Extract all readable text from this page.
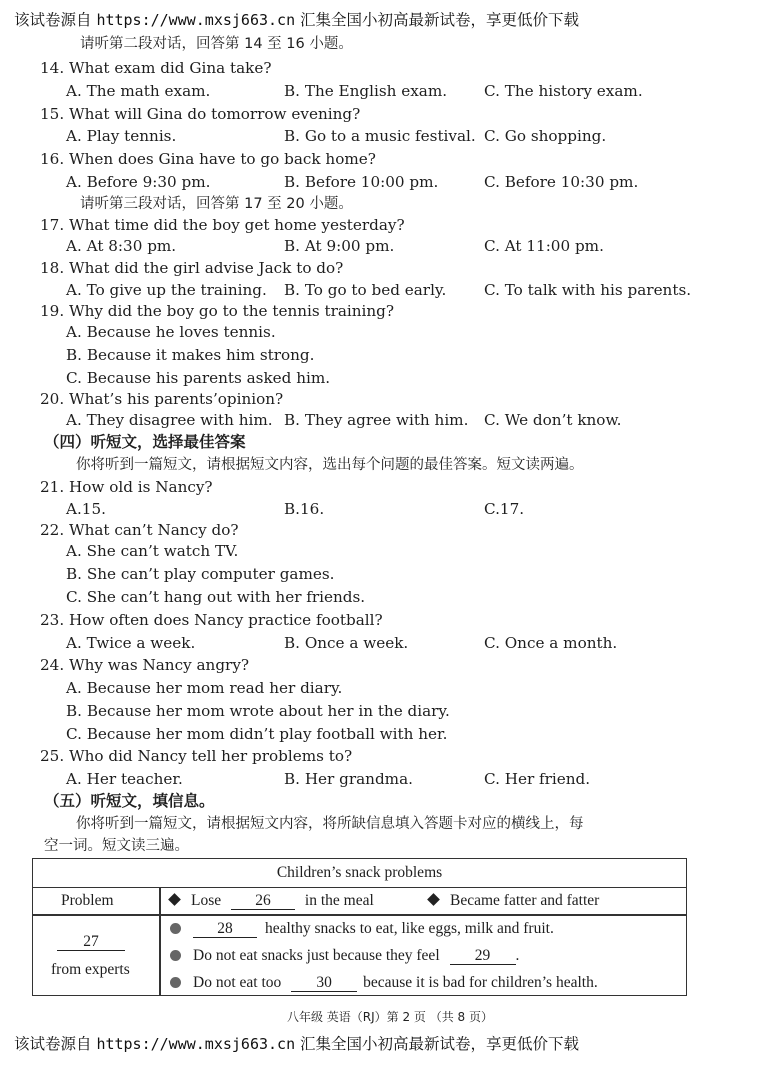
该试卷源自 https://www.mxsj663.cn 汇集全国小初高最新试卷，享更低价下载
请听第二段对话，回答第 14 至 16 小题。
14. What exam did Gina take?
A. The math exam.	B. The English exam. C. The history exam.
15. What will Gina do tomorrow evening?
A. Play tennis.	B. Go to a music festival. C. Go shopping.
16. When does Gina have to go back home?
A. Before 9:30 pm.	B. Before 10:00 pm.	C. Before 10:30 pm.
请听第三段对话，回答第 17 至 20 小题。
17. What time did the boy get home yesterday?
A. At 8:30 pm.	B. At 9:00 pm.	C. At 11:00 pm.
18. What did the girl advise Jack to do?
A. To give up the training. B. To go to bed early. C. To talk with his parents.
19. Why did the boy go to the tennis training?
A. Because he loves tennis.
B. Because it makes him strong.
C. Because his parents asked him.
20. What’s his parents’opinion?
A. They disagree with him. B. They agree with him. C. We don’t know.
（四）听短文，选择最佳答案
你将听到一篇短文，请根据短文内容，选出每个问题的最佳答案。短文读两遍。
21. How old is Nancy?
A.15.	B.16.	C.17.
22. What can’t Nancy do?
A. She can’t watch TV.
B. She can’t play computer games.
C. She can’t hang out with her friends.
23. How often does Nancy practice football?
A. Twice a week.	B. Once a week.	C. Once a month.
24. Why was Nancy angry?
A. Because her mom read her diary.
B. Because her mom wrote about her in the diary.
C. Because her mom didn’t play football with her.
25. Who did Nancy tell her problems to?
A. Her teacher.	B. Her grandma.	C. Her friend.
（五）听短文，填信息。
你将听到一篇短文，请根据短文内容，将所缺信息填入答题卡对应的横线上，每
空一词。短文读三遍。
Children’s snack problems
Problem	Lose 26 in the meal	Became fatter and fatter
27
from experts
28 healthy snacks to eat, like eggs, milk and fruit.
Do not eat snacks just because they feel 29 .
Do not eat too 30 because it is bad for children’s health.
八年级 英语（RJ）第 2 页 （共 8 页）
该试卷源自 https://www.mxsj663.cn 汇集全国小初高最新试卷，享更低价下载
